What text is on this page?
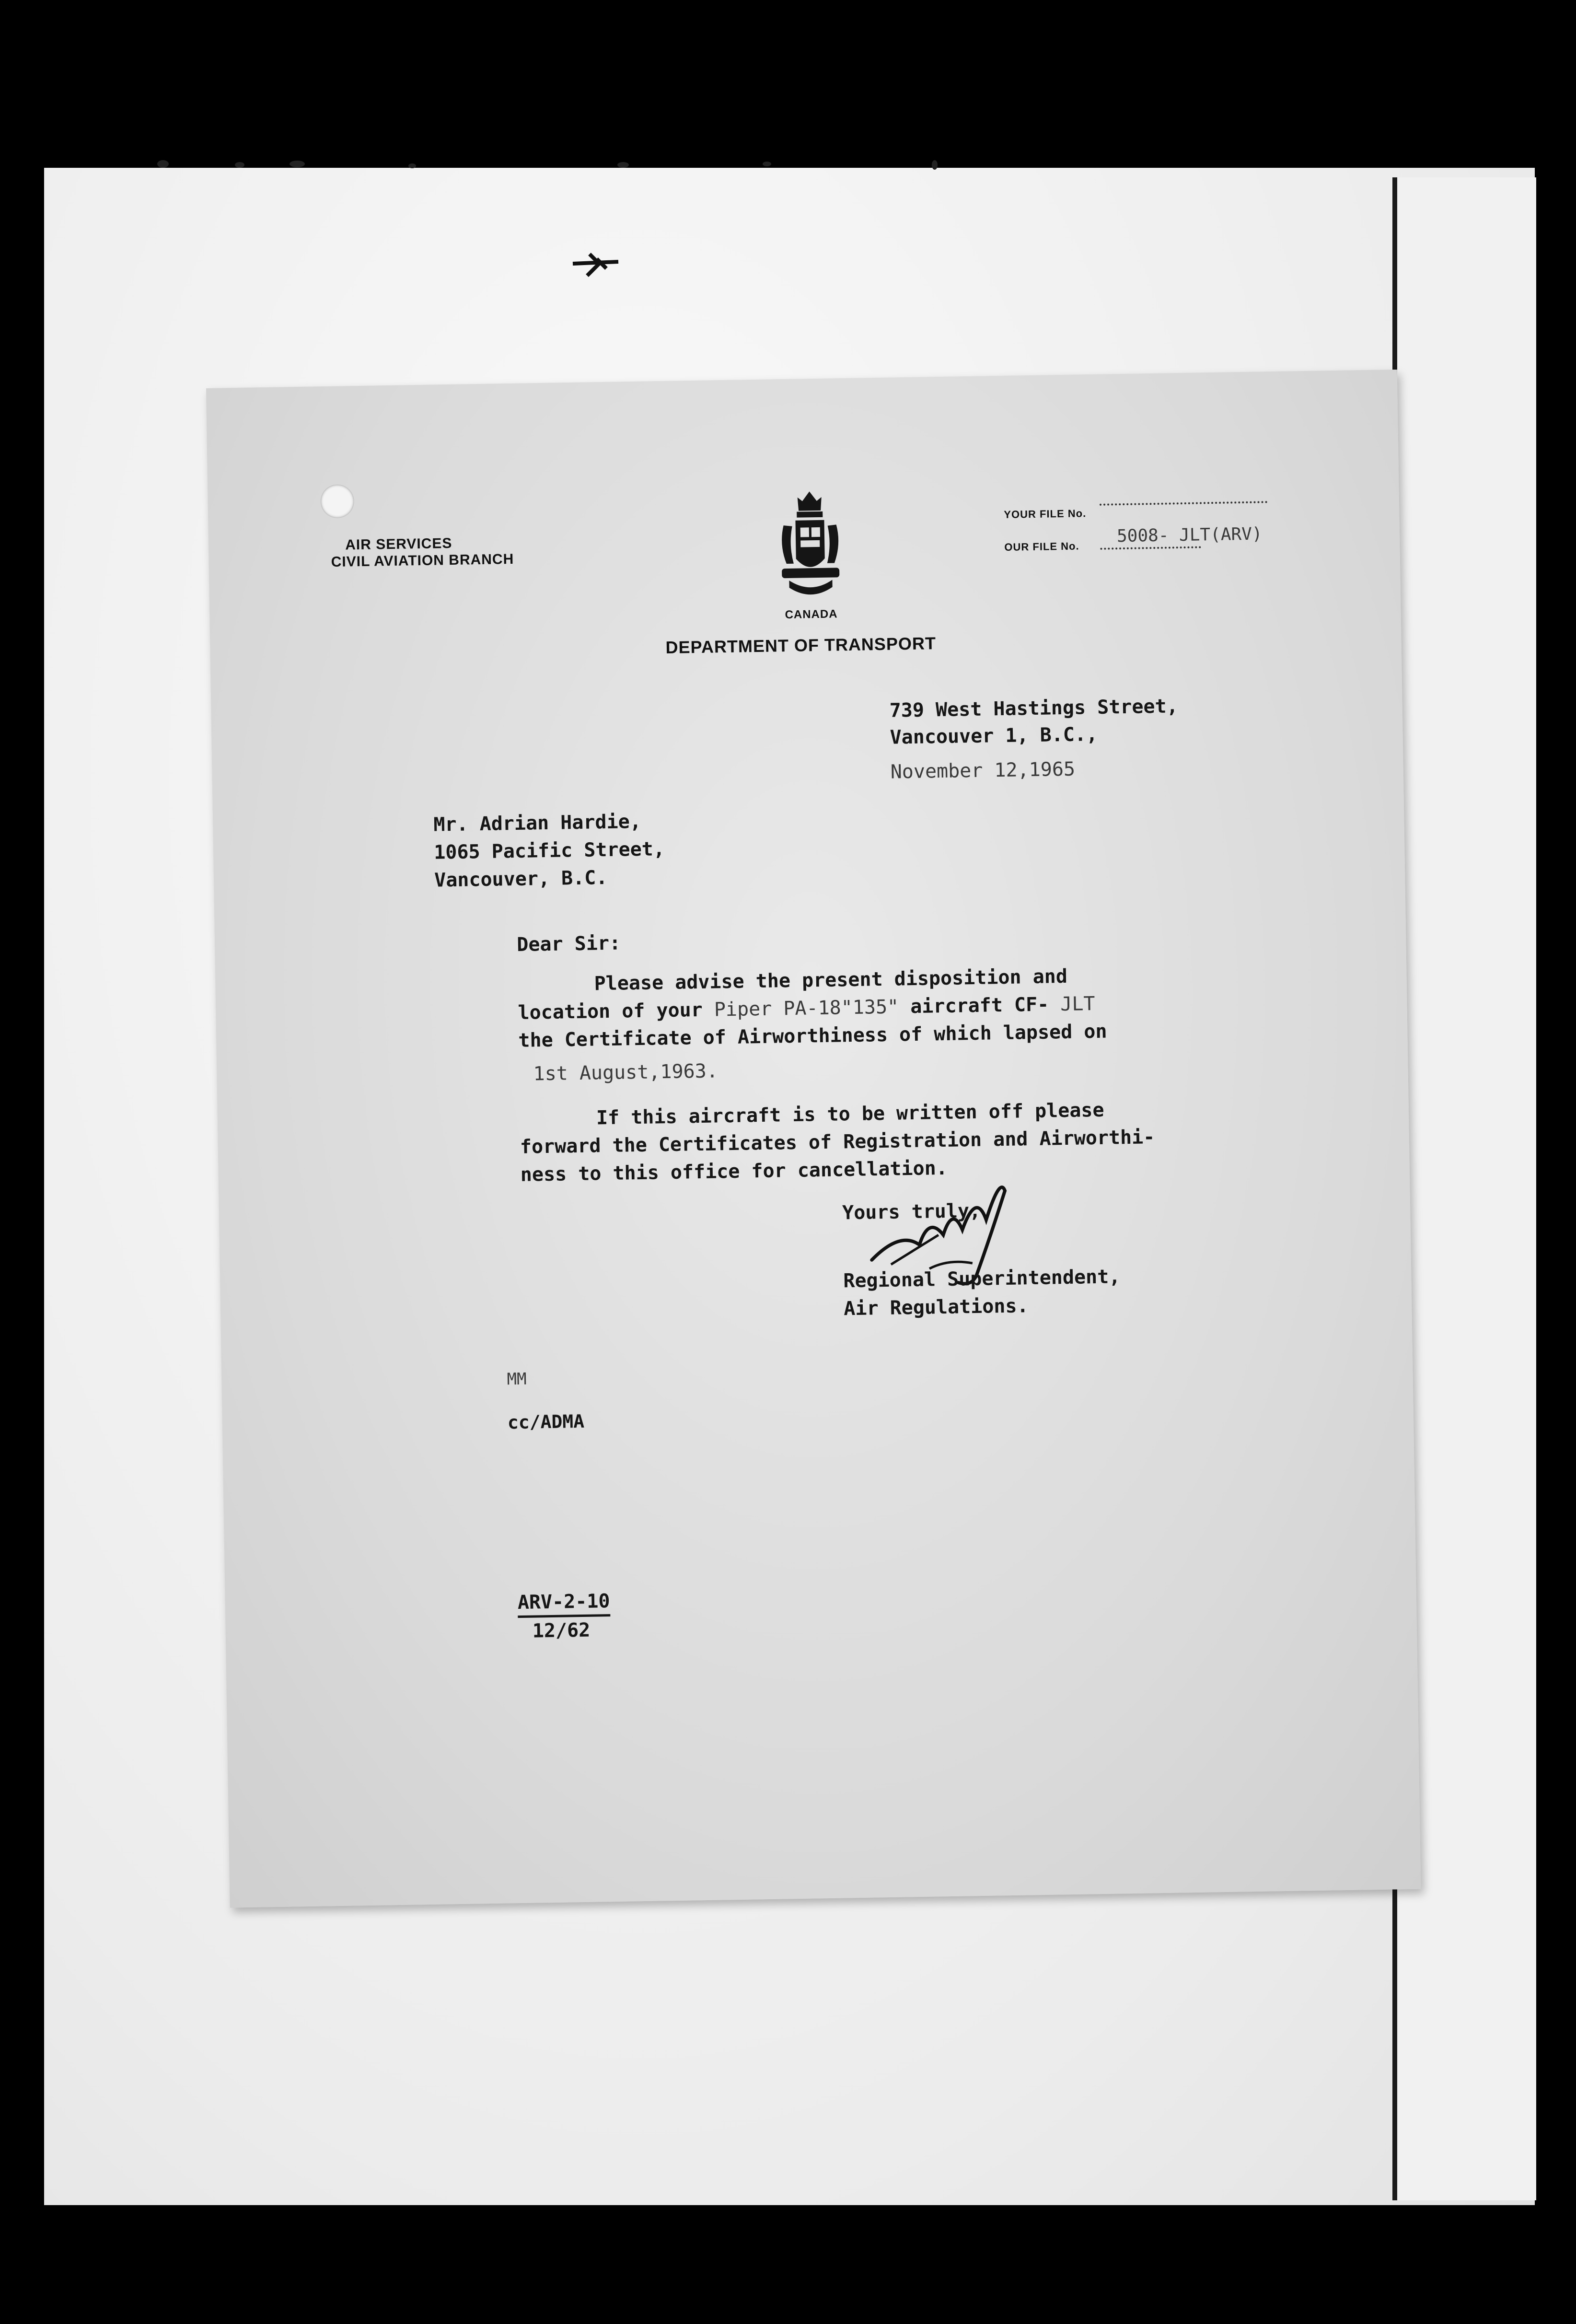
AIR SERVICES
CIVIL AVIATION BRANCH
CANADA
YOUR FILE No.
OUR FILE No.
5008- JLT(ARV)
DEPARTMENT OF TRANSPORT
739 West Hastings Street,
Vancouver 1, B.C.,
November 12,1965
Mr. Adrian Hardie,
1065 Pacific Street,
Vancouver, B.C.
Dear Sir:
Please advise the present disposition and
location of your Piper PA-18"135" aircraft CF- JLT
the Certificate of Airworthiness of which lapsed on
1st August,1963.
If this aircraft is to be written off please
forward the Certificates of Registration and Airworthi-
ness to this office for cancellation.
Yours truly,
Regional Superintendent,
Air Regulations.
MM
cc/ADMA
ARV-2-10
12/62
